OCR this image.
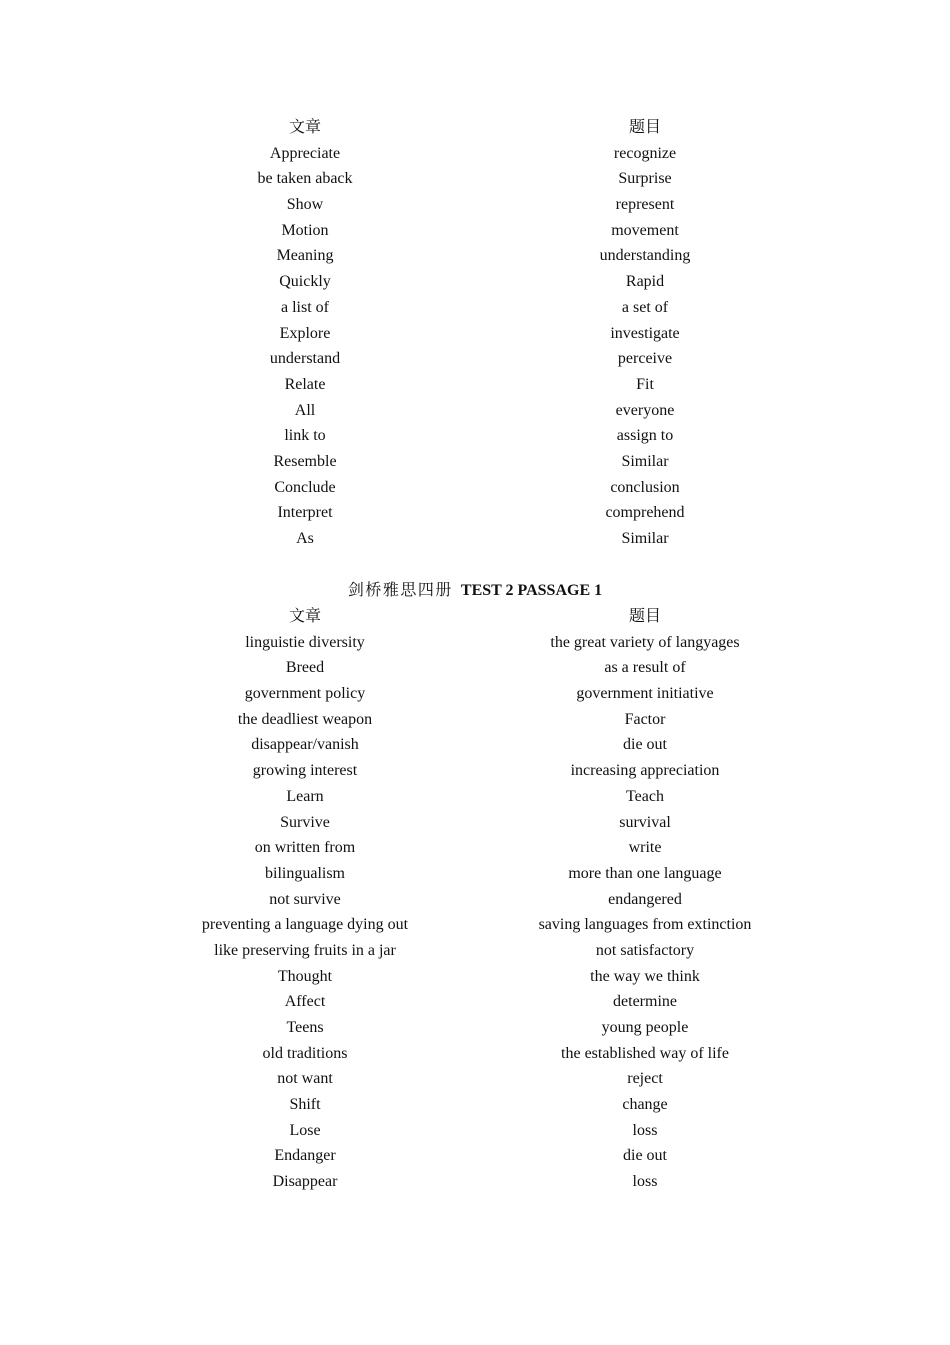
文章	题目
Appreciate	recognize
be taken aback	Surprise
Show	represent
Motion	movement
Meaning	understanding
Quickly	Rapid
a list of	a set of
Explore	investigate
understand	perceive
Relate	Fit
All	everyone
link to	assign to
Resemble	Similar
Conclude	conclusion
Interpret	comprehend
As	Similar
剑桥雅思四册 TEST 2 PASSAGE 1
文章	题目
linguistie diversity	the great variety of langyages
Breed	as a result of
government policy	government initiative
the deadliest weapon	Factor
disappear/vanish	die out
growing interest	increasing appreciation
Learn	Teach
Survive	survival
on written from	write
bilingualism	more than one language
not survive	endangered
preventing a language dying out	saving languages from extinction
like preserving fruits in a jar	not satisfactory
Thought	the way we think
Affect	determine
Teens	young people
old traditions	the established way of life
not want	reject
Shift	change
Lose	loss
Endanger	die out
Disappear	loss
